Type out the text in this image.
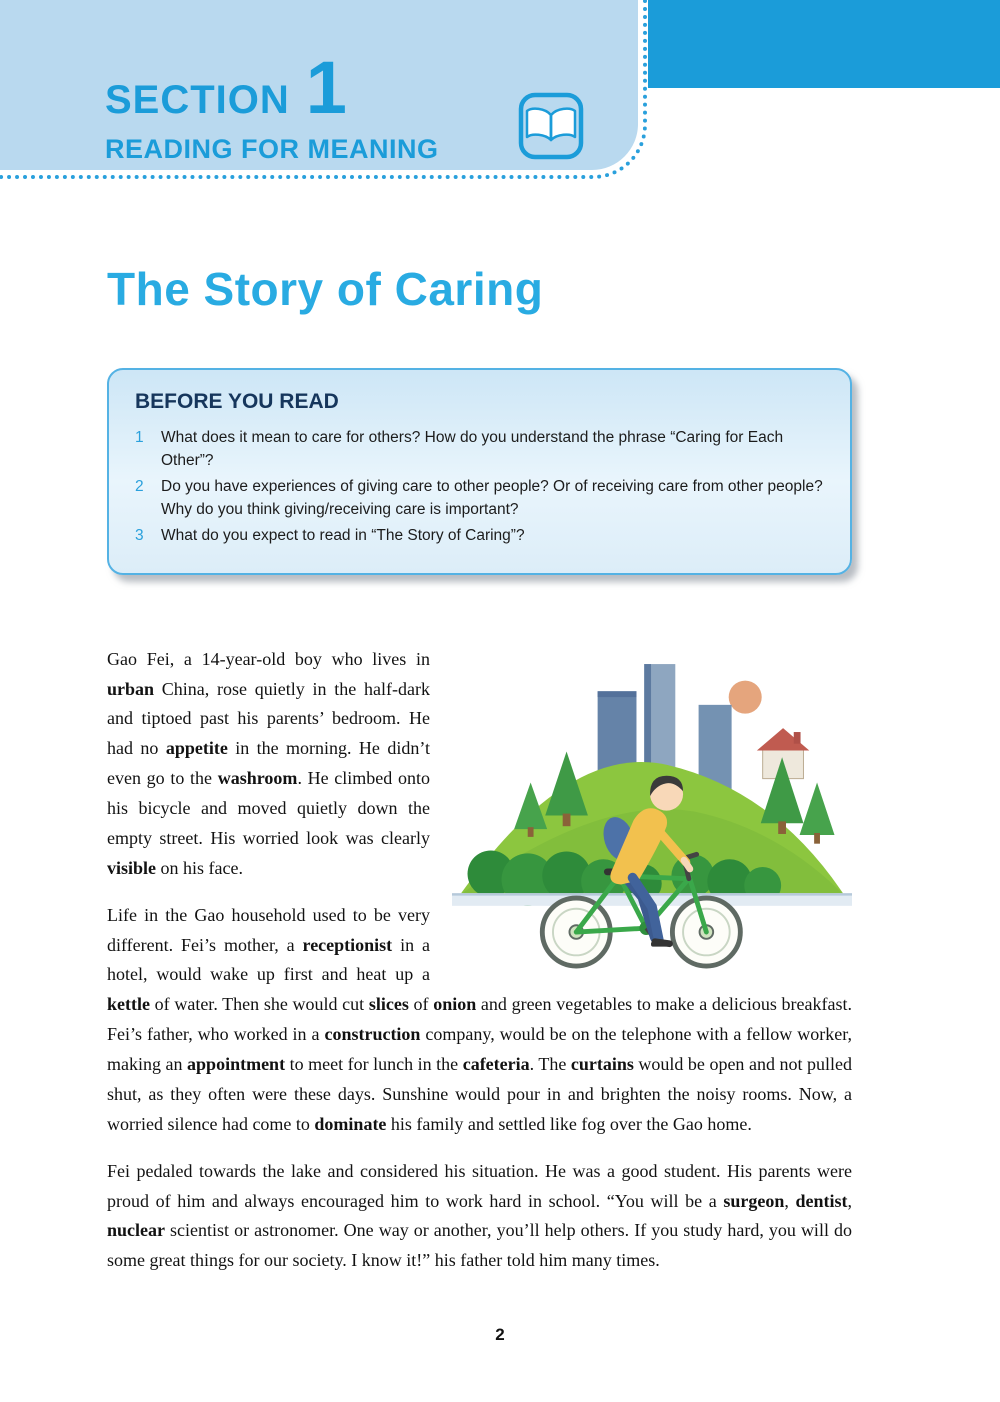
SECTION 1
READING FOR MEANING
The Story of Caring
BEFORE YOU READ
1	What does it mean to care for others? How do you understand the phrase “Caring for Each Other”?
2	Do you have experiences of giving care to other people? Or of receiving care from other people? Why do you think giving/receiving care is important?
3	What do you expect to read in “The Story of Caring”?

Gao Fei, a 14-year-old boy who lives in urban China, rose quietly in the half-dark and tiptoed past his parents’ bedroom. He had no appetite in the morning. He didn’t even go to the washroom. He climbed onto his bicycle and moved quietly down the empty street. His worried look was clearly visible on his face.

Life in the Gao household used to be very different. Fei’s mother, a receptionist in a hotel, would wake up first and heat up a kettle of water. Then she would cut slices of onion and green vegetables to make a delicious breakfast. Fei’s father, who worked in a construction company, would be on the telephone with a fellow worker, making an appointment to meet for lunch in the cafeteria. The curtains would be open and not pulled shut, as they often were these days. Sunshine would pour in and brighten the noisy rooms. Now, a worried silence had come to dominate his family and settled like fog over the Gao home.

Fei pedaled towards the lake and considered his situation. He was a good student. His parents were proud of him and always encouraged him to work hard in school. “You will be a surgeon, dentist, nuclear scientist or astronomer. One way or another, you’ll help others. If you study hard, you will do some great things for our society. I know it!” his father told him many times.

2
